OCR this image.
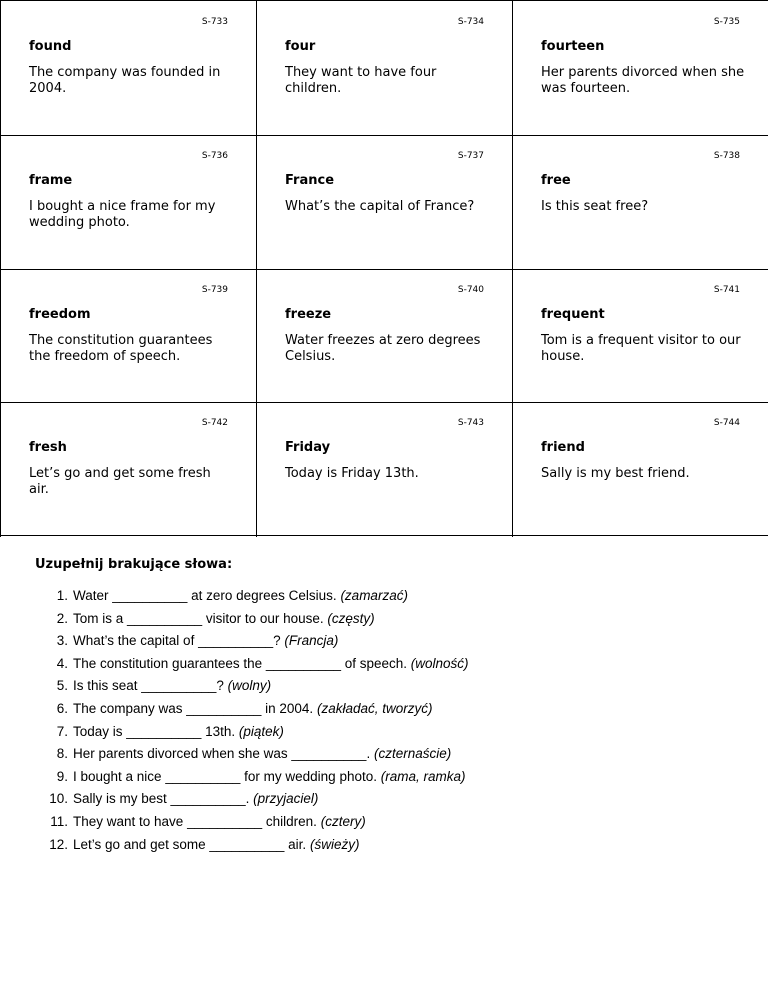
S-733
found
The company was founded in 2004.
S-734
four
They want to have four children.
S-735
fourteen
Her parents divorced when she was fourteen.
S-736
frame
I bought a nice frame for my wedding photo.
S-737
France
What’s the capital of France?
S-738
free
Is this seat free?
S-739
freedom
The constitution guarantees the freedom of speech.
S-740
freeze
Water freezes at zero degrees Celsius.
S-741
frequent
Tom is a frequent visitor to our house.
S-742
fresh
Let’s go and get some fresh air.
S-743
Friday
Today is Friday 13th.
S-744
friend
Sally is my best friend.
Uzupełnij brakujące słowa:
1. Water __________ at zero degrees Celsius. (zamarzać)
2. Tom is a __________ visitor to our house. (częsty)
3. What’s the capital of __________? (Francja)
4. The constitution guarantees the __________ of speech. (wolność)
5. Is this seat __________? (wolny)
6. The company was __________ in 2004. (zakładać, tworzyć)
7. Today is __________ 13th. (piątek)
8. Her parents divorced when she was __________. (czternaście)
9. I bought a nice __________ for my wedding photo. (rama, ramka)
10. Sally is my best __________. (przyjaciel)
11. They want to have __________ children. (cztery)
12. Let’s go and get some __________ air. (świeży)
